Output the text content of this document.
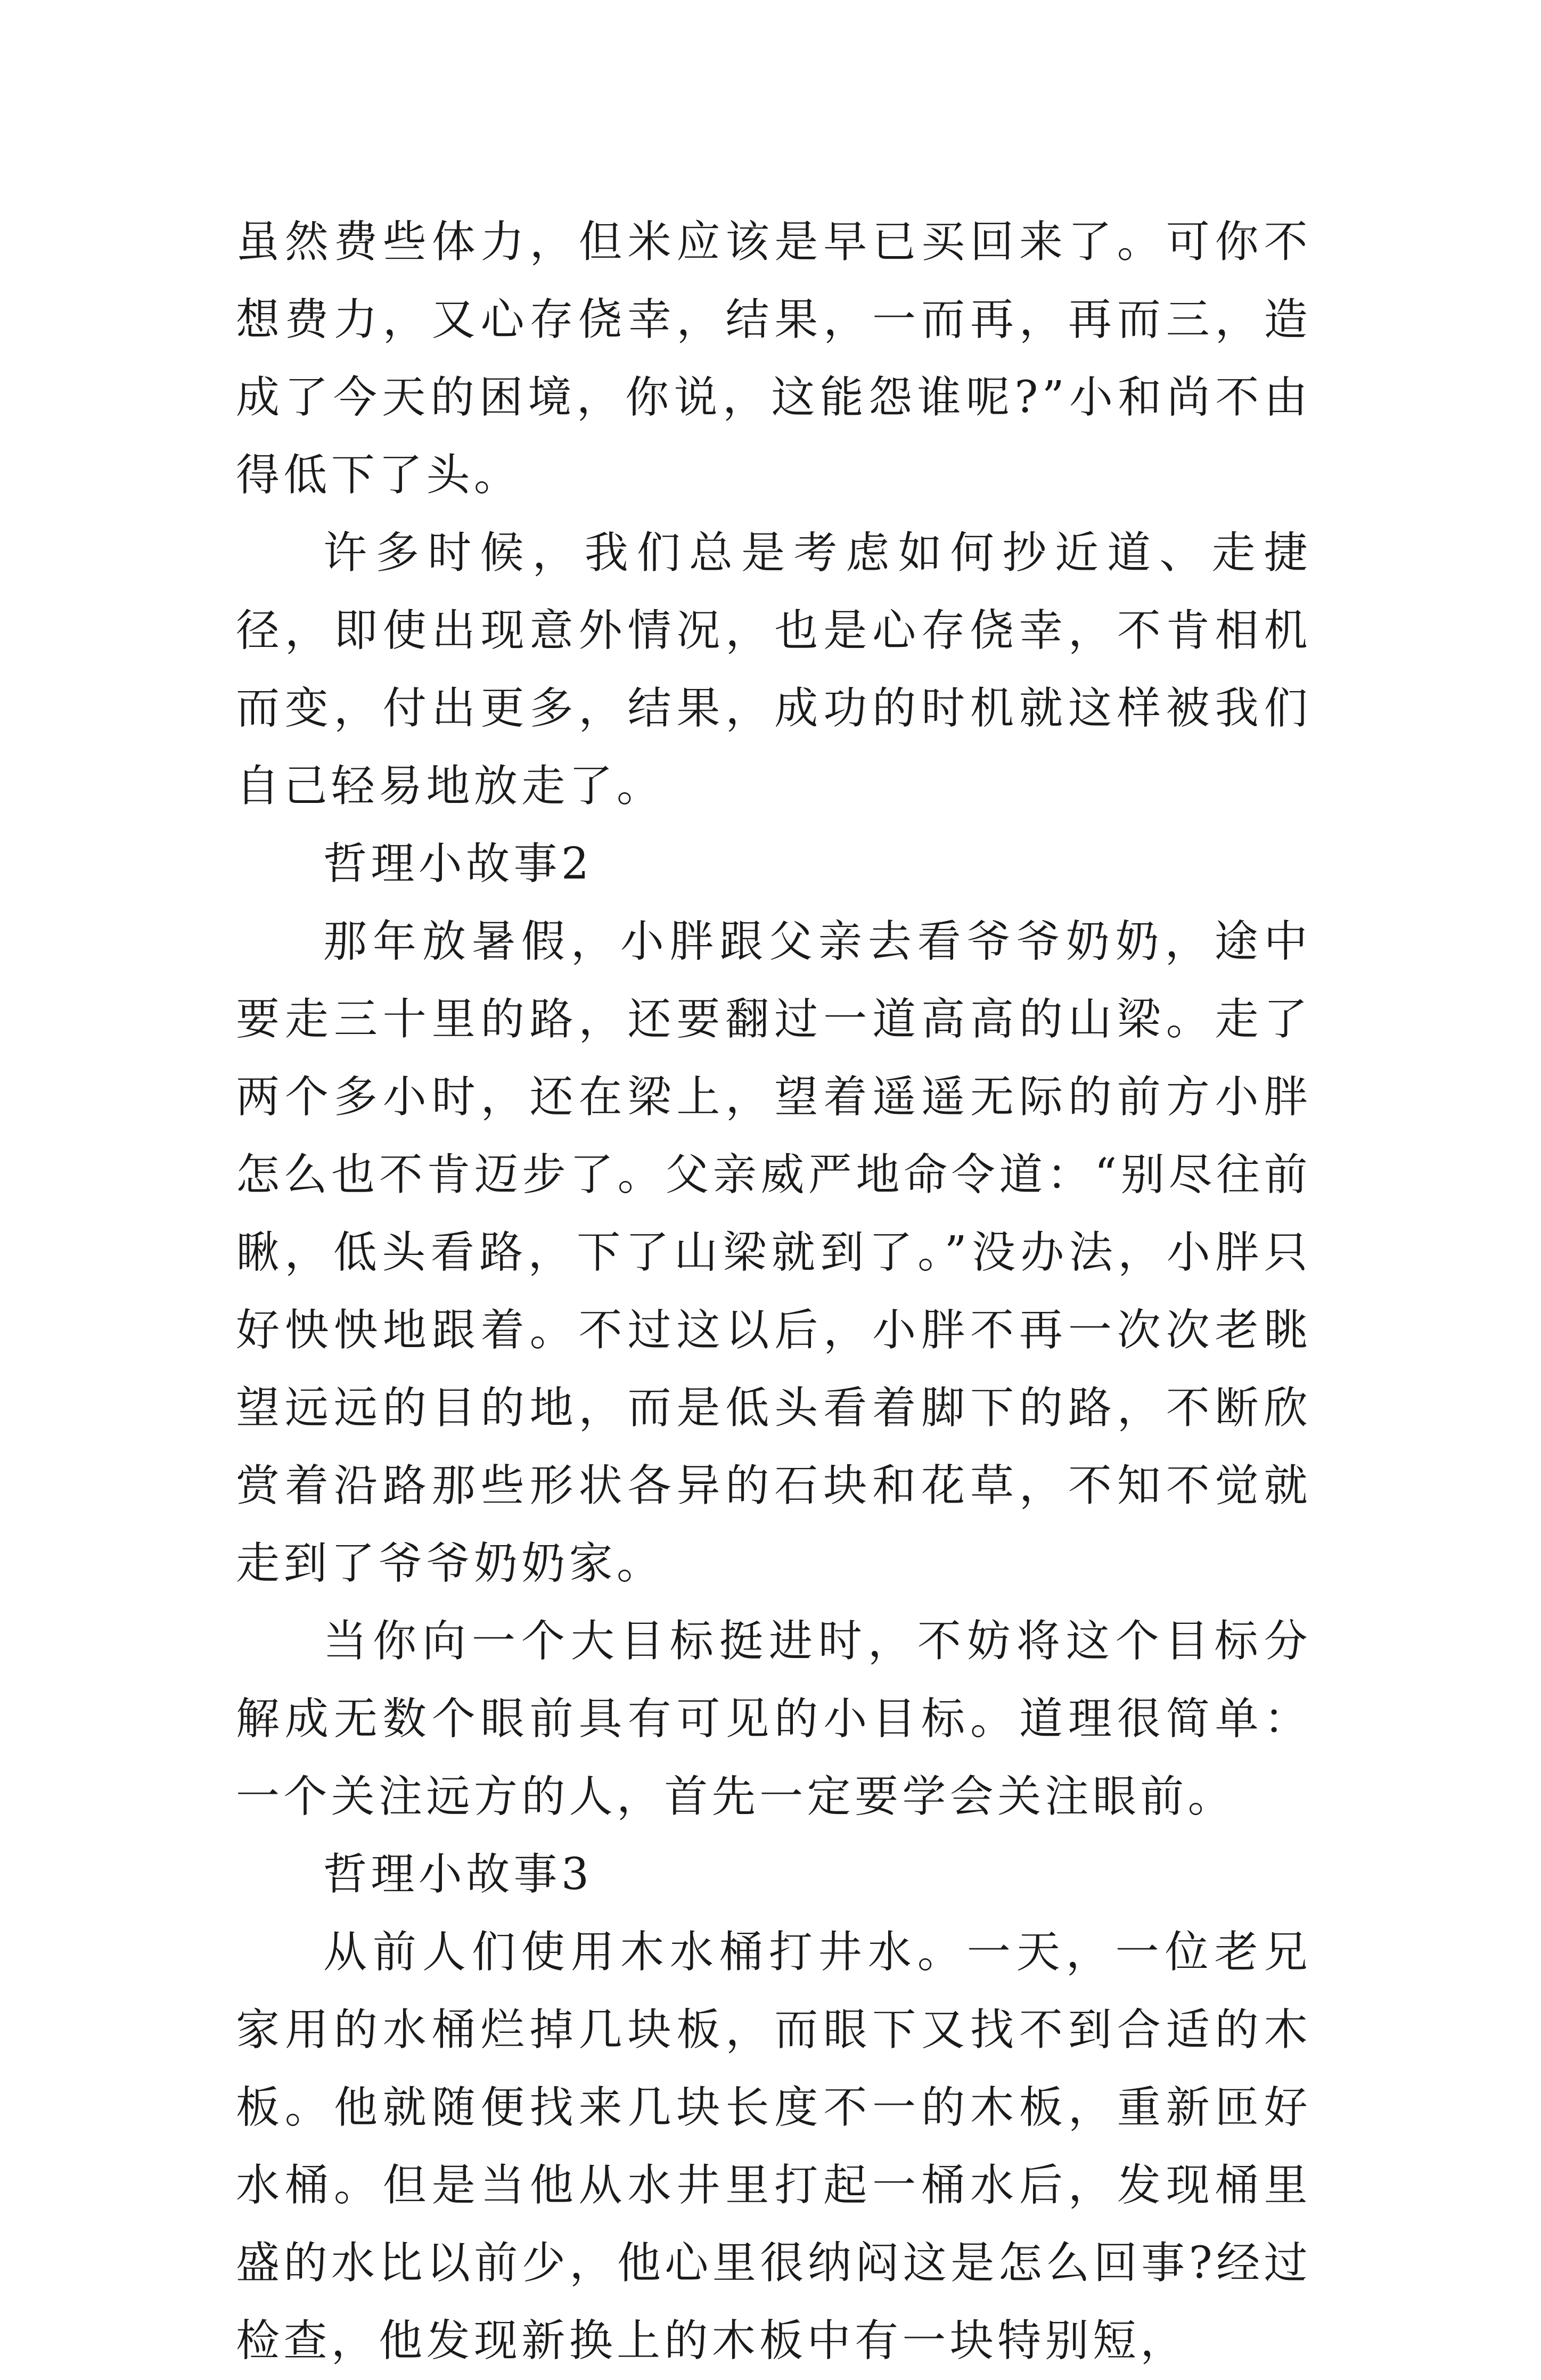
虽然费些体力，但米应该是早已买回来了。可你不想费力，又心存侥幸，结果，一而再，再而三，造成了今天的困境，你说，这能怨谁呢?”小和尚不由得低下了头。

许多时候，我们总是考虑如何抄近道、走捷径，即使出现意外情况，也是心存侥幸，不肯相机而变，付出更多，结果，成功的时机就这样被我们自己轻易地放走了。

哲理小故事2

那年放暑假，小胖跟父亲去看爷爷奶奶，途中要走三十里的路，还要翻过一道高高的山梁。走了两个多小时，还在梁上，望着遥遥无际的前方小胖怎么也不肯迈步了。父亲威严地命令道：“别尽往前瞅，低头看路，下了山梁就到了。”没办法，小胖只好怏怏地跟着。不过这以后，小胖不再一次次老眺望远远的目的地，而是低头看着脚下的路，不断欣赏着沿路那些形状各异的石块和花草，不知不觉就走到了爷爷奶奶家。

当你向一个大目标挺进时，不妨将这个目标分解成无数个眼前具有可见的小目标。道理很简单：一个关注远方的人，首先一定要学会关注眼前。

哲理小故事3

从前人们使用木水桶打井水。一天，一位老兄家用的水桶烂掉几块板，而眼下又找不到合适的木板。他就随便找来几块长度不一的木板，重新匝好水桶。但是当他从水井里打起一桶水后，发现桶里盛的水比以前少，他心里很纳闷这是怎么回事?经过检查，他发现新换上的木板中有一块特别短，
